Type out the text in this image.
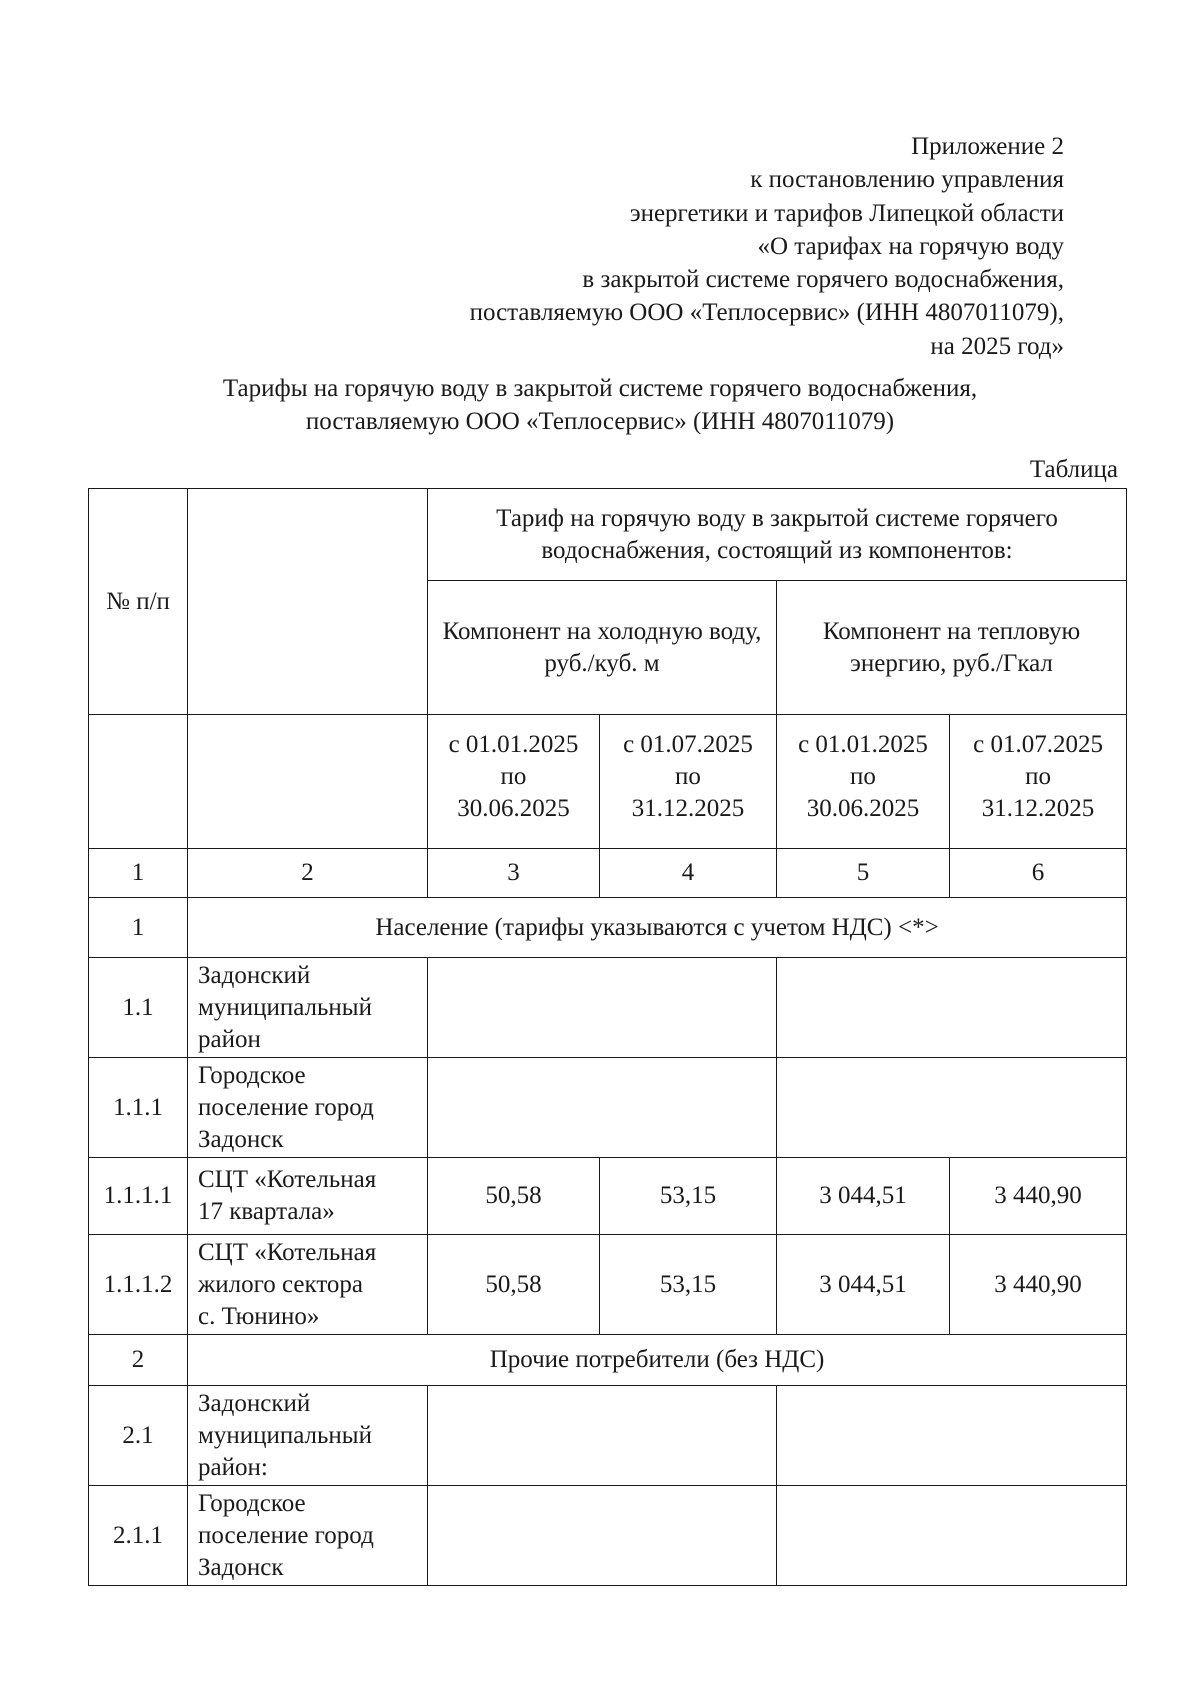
Приложение 2
к постановлению управления
энергетики и тарифов Липецкой области
«О тарифах на горячую воду
в закрытой системе горячего водоснабжения,
поставляемую ООО «Теплосервис» (ИНН 4807011079),
на 2025 год»
Тарифы на горячую воду в закрытой системе горячего водоснабжения,
поставляемую ООО «Теплосервис» (ИНН 4807011079)
Таблица
№ п/п		Тариф на горячую воду в закрытой системе горячего водоснабжения, состоящий из компонентов:			
		Компонент на холодную воду, руб./куб. м		Компонент на тепловую энергию, руб./Гкал	

		с 01.01.2025
по
30.06.2025	с 01.07.2025
по
31.12.2025	с 01.01.2025
по
30.06.2025	с 01.07.2025
по
31.12.2025

1	2	3	4	5	6
1	Население (тарифы указываются с учетом НДС) <*>				
1.1	Задонский
муниципальный
район				

1.1.1	Городское
поселение город
Задонск				

1.1.1.1	СЦТ «Котельная
17 квартала»	50,58	53,15	3 044,51	3 440,90
1.1.1.2	СЦТ «Котельная
жилого сектора
с. Тюнино»	50,58	53,15	3 044,51	3 440,90
2	Прочие потребители (без НДС)				
2.1	Задонский
муниципальный
район:				

2.1.1	Городское
поселение город
Задонск				
